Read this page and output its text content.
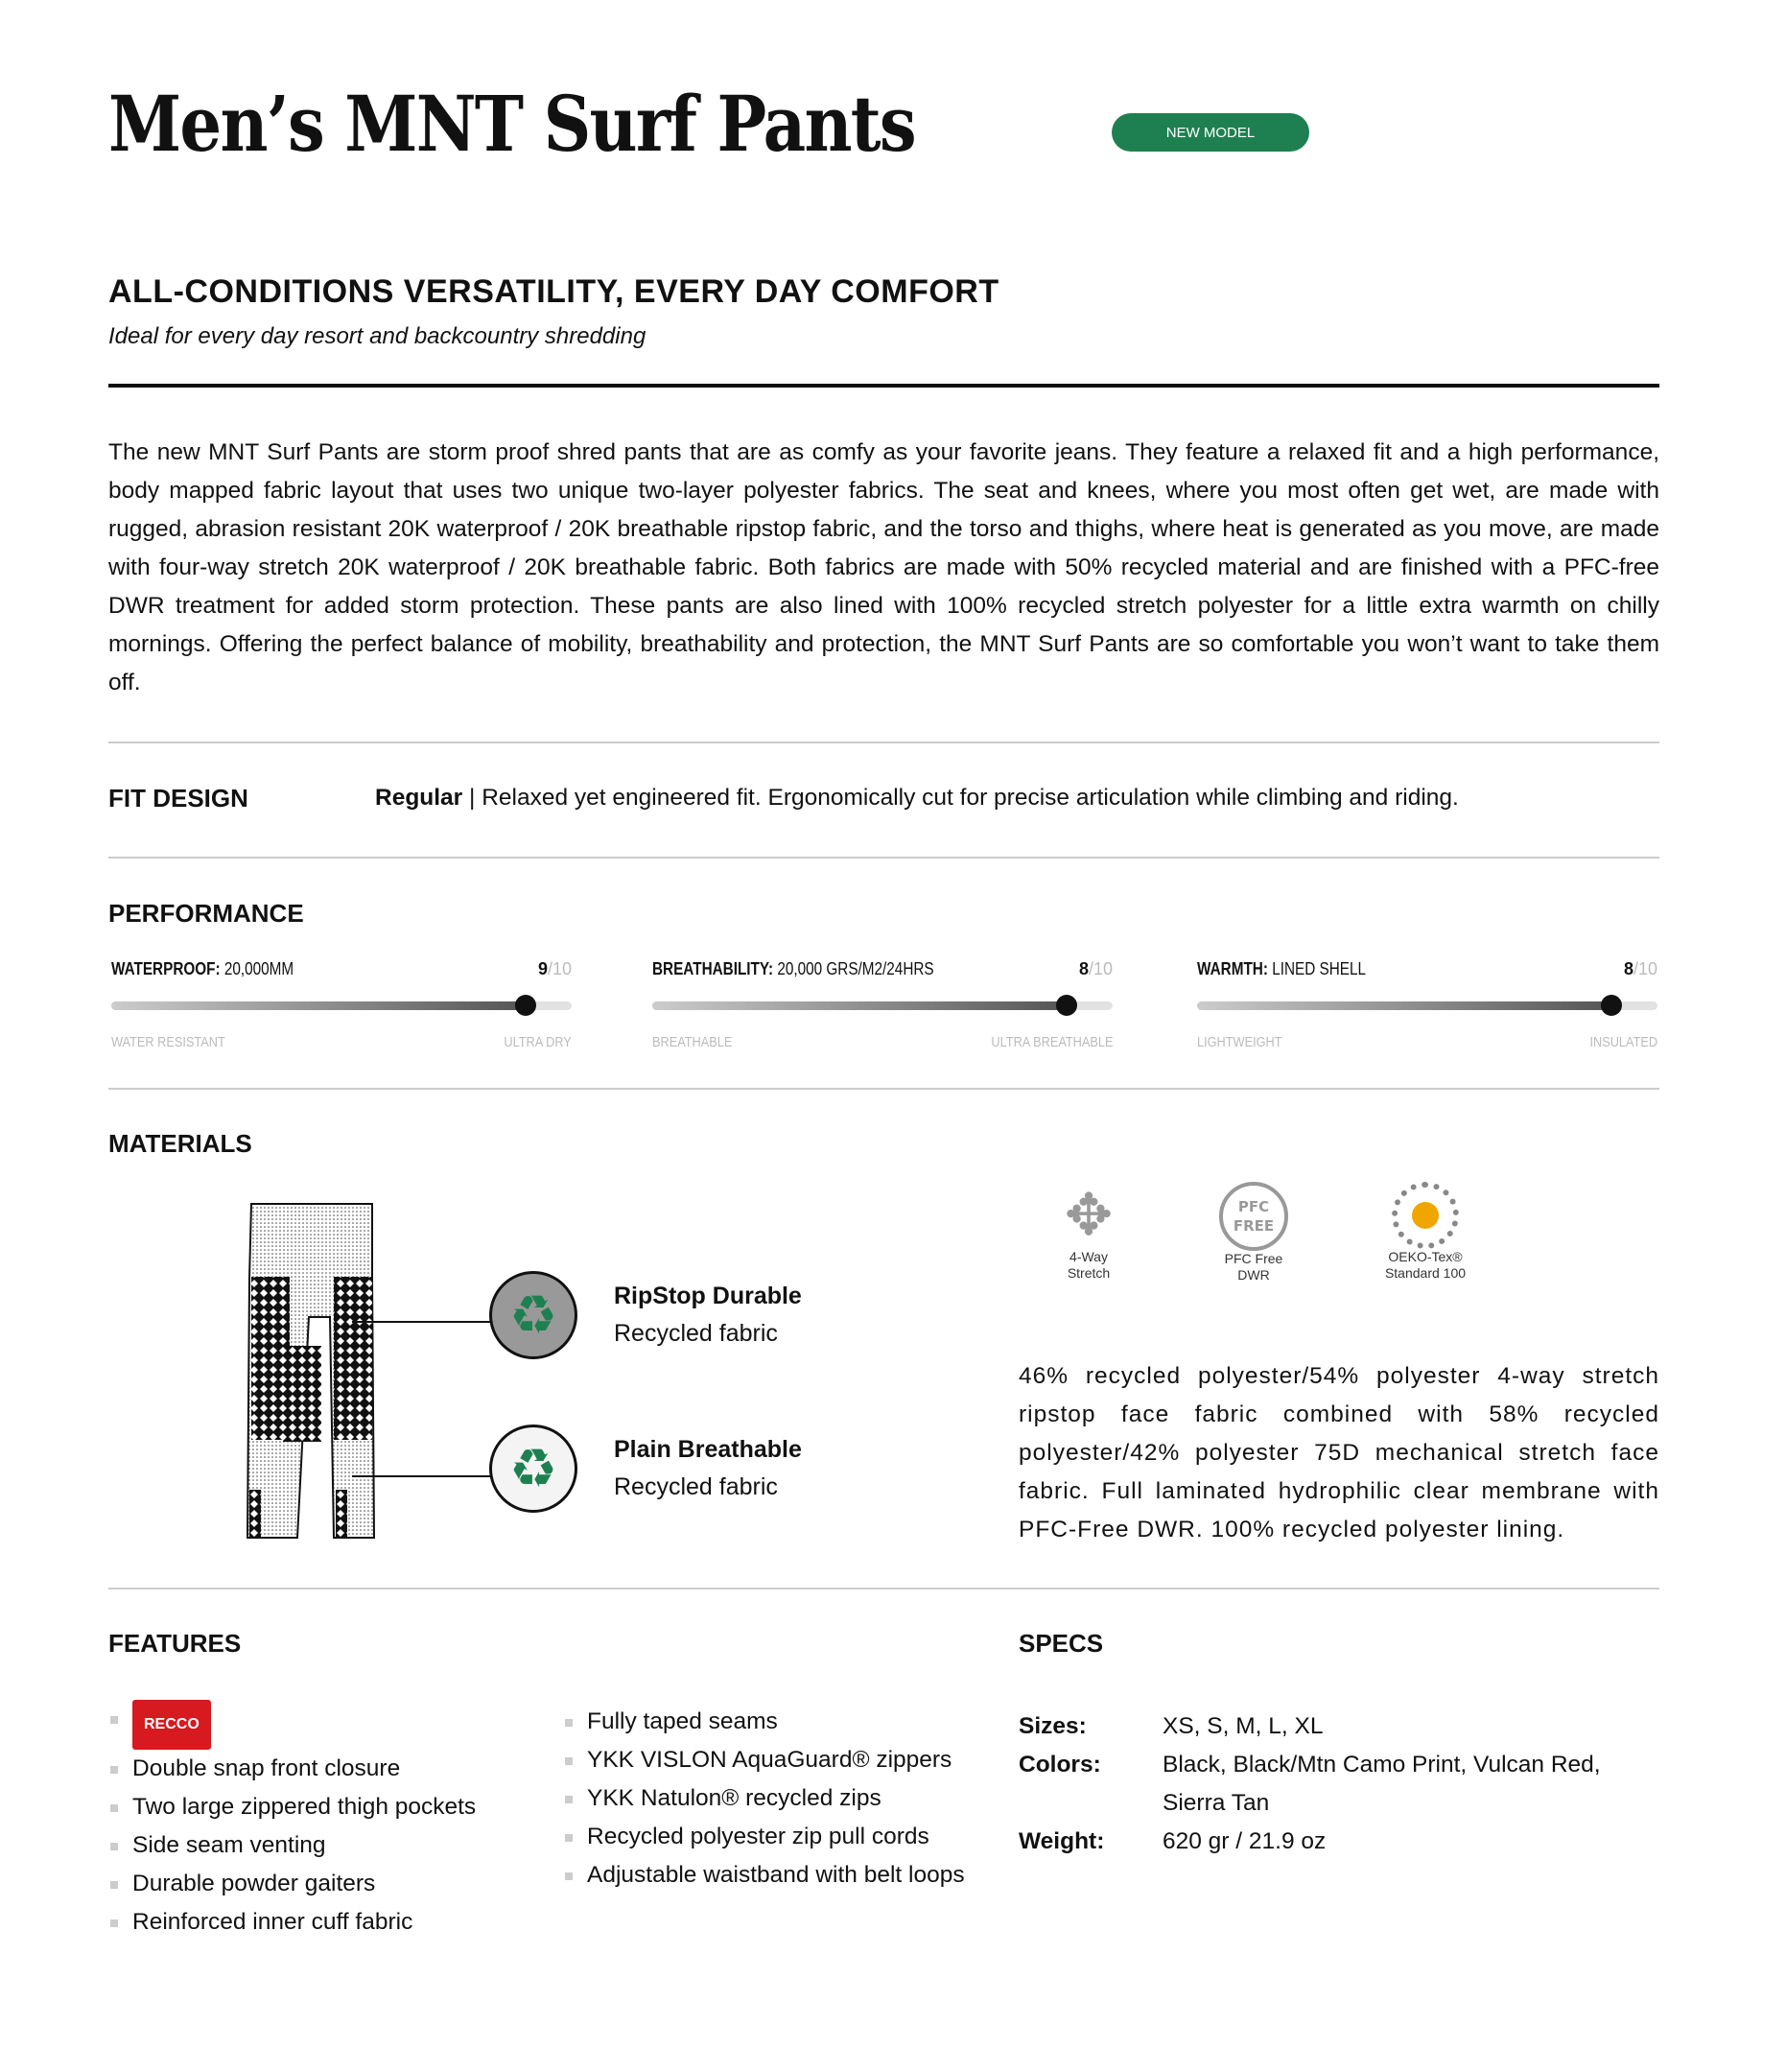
Men’s MNT Surf Pants	NEW MODEL
ALL-CONDITIONS VERSATILITY, EVERY DAY COMFORT
Ideal for every day resort and backcountry shredding
The new MNT Surf Pants are storm proof shred pants that are as comfy as your favorite jeans. They feature a relaxed fit and a high performance, body mapped fabric layout that uses two unique two-layer polyester fabrics. The seat and knees, where you most often get wet, are made with rugged, abrasion resistant 20K waterproof / 20K breathable ripstop fabric, and the torso and thighs, where heat is generated as you move, are made with four-way stretch 20K waterproof / 20K breathable fabric. Both fabrics are made with 50% recycled material and are finished with a PFC-free DWR treatment for added storm protection. These pants are also lined with 100% recycled stretch polyester for a little extra warmth on chilly mornings. Offering the perfect balance of mobility, breathability and protection, the MNT Surf Pants are so comfortable you won’t want to take them off.
FIT DESIGN	Regular | Relaxed yet engineered fit. Ergonomically cut for precise articulation while climbing and riding.
PERFORMANCE
WATERPROOF: 20,000MM	9/10
WATER RESISTANT	ULTRA DRY
BREATHABILITY: 20,000 GRS/M2/24HRS	8/10
BREATHABLE	ULTRA BREATHABLE
WARMTH: LINED SHELL	8/10
LIGHTWEIGHT	INSULATED
MATERIALS
♻
♻
RipStop Durable
Recycled fabric
Plain Breathable
Recycled fabric
✥
4-Way
Stretch
PFC
FREE
PFC Free
DWR
OEKO-Tex®
Standard 100
46% recycled polyester/54% polyester 4-way stretch ripstop face fabric combined with 58% recycled polyester/42% polyester 75D mechanical stretch face fabric. Full laminated hydrophilic clear membrane with PFC-Free DWR. 100% recycled polyester lining.
FEATURES
RECCO
Double snap front closure
Two large zippered thigh pockets
Side seam venting
Durable powder gaiters
Reinforced inner cuff fabric
Fully taped seams
YKK VISLON AquaGuard® zippers
YKK Natulon® recycled zips
Recycled polyester zip pull cords
Adjustable waistband with belt loops
SPECS
Sizes:	XS, S, M, L, XL
Colors:	Black, Black/Mtn Camo Print, Vulcan Red, Sierra Tan
Weight:	620 gr / 21.9 oz
